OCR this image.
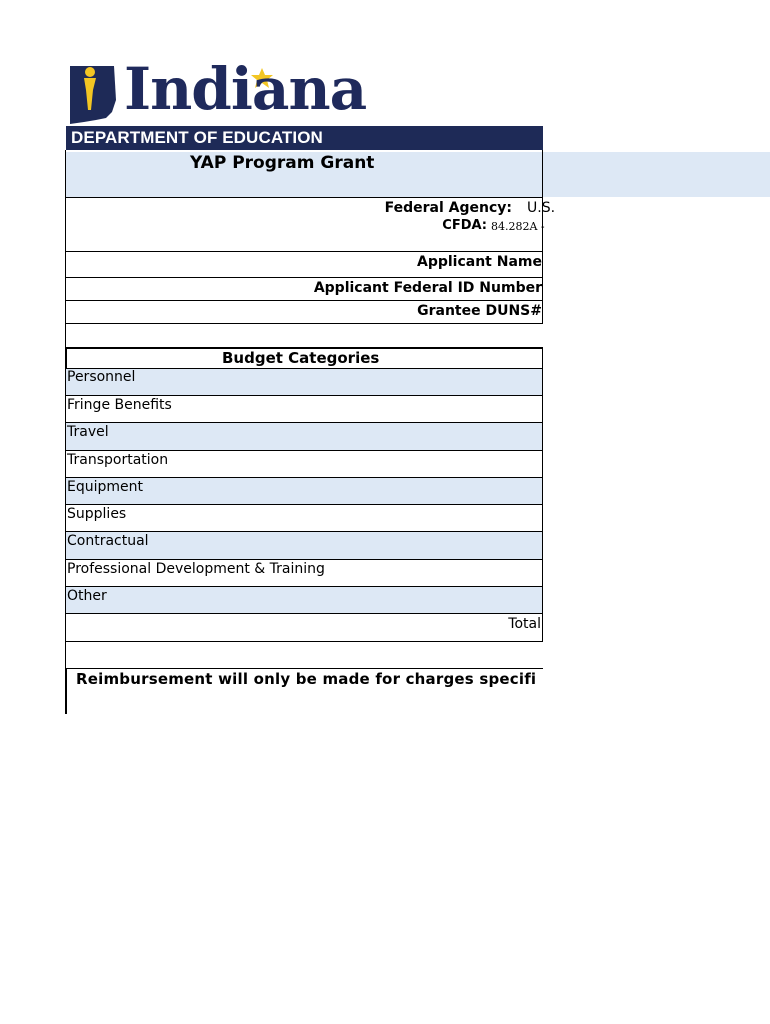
Indiana
DEPARTMENT OF EDUCATION
YAP Program Grant
Federal Agency: U.S.
CFDA: 84.282A -
Applicant Name
Applicant Federal ID Number
Grantee DUNS#
Budget Categories
Personnel
Fringe Benefits
Travel
Transportation
Equipment
Supplies
Contractual
Professional Development & Training
Other
Total
Reimbursement will only be made for charges specifi
